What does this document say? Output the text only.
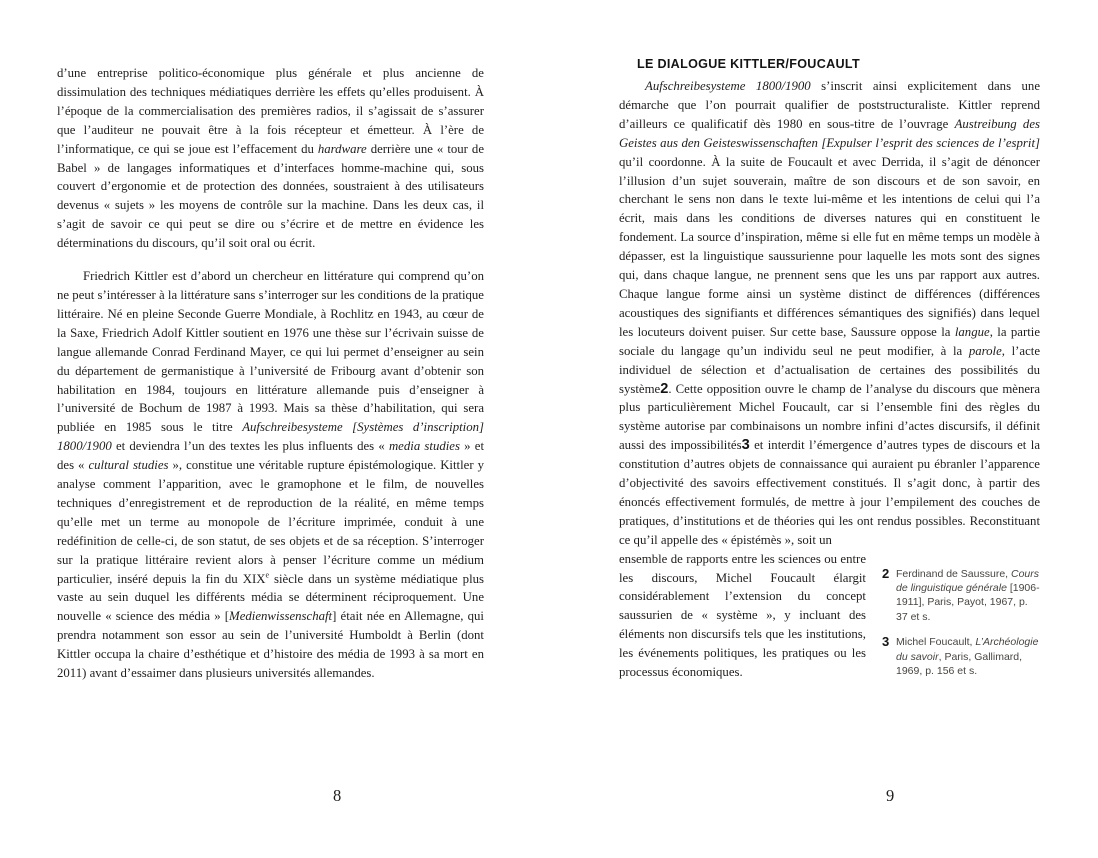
d’une entreprise politico-économique plus générale et plus ancienne de dissimulation des techniques médiatiques derrière les effets qu’elles produisent. À l’époque de la commercialisation des premières radios, il s’agissait de s’assurer que l’auditeur ne pouvait être à la fois récepteur et émetteur. À l’ère de l’informatique, ce qui se joue est l’effacement du hardware derrière une « tour de Babel » de langages informatiques et d’interfaces homme-machine qui, sous couvert d’ergonomie et de protection des données, soustraient à des utilisateurs devenus « sujets » les moyens de contrôle sur la machine. Dans les deux cas, il s’agit de savoir ce qui peut se dire ou s’écrire et de mettre en évidence les déterminations du discours, qu’il soit oral ou écrit.

Friedrich Kittler est d’abord un chercheur en littérature qui comprend qu’on ne peut s’intéresser à la littérature sans s’interroger sur les conditions de la pratique littéraire. Né en pleine Seconde Guerre Mondiale, à Rochlitz en 1943, au cœur de la Saxe, Friedrich Adolf Kittler soutient en 1976 une thèse sur l’écrivain suisse de langue allemande Conrad Ferdinand Mayer, ce qui lui permet d’enseigner au sein du département de germanistique à l’université de Fribourg avant d’obtenir son habilitation en 1984, toujours en littérature allemande puis d’enseigner à l’université de Bochum de 1987 à 1993. Mais sa thèse d’habilitation, qui sera publiée en 1985 sous le titre Aufschreibesysteme [Systèmes d’inscription] 1800/1900 et deviendra l’un des textes les plus influents des « media studies » et des « cultural studies », constitue une véritable rupture épistémologique. Kittler y analyse comment l’apparition, avec le gramophone et le film, de nouvelles techniques d’enregistrement et de reproduction de la réalité, en même temps qu’elle met un terme au monopole de l’écriture imprimée, conduit à une redéfinition de celle-ci, de son statut, de ses objets et de sa réception. S’interroger sur la pratique littéraire revient alors à penser l’écriture comme un médium particulier, inséré depuis la fin du XIXe siècle dans un système médiatique plus vaste au sein duquel les différents média se déterminent réciproquement. Une nouvelle « science des média » [Medienwissenschaft] était née en Allemagne, qui prendra notamment son essor au sein de l’université Humboldt à Berlin (dont Kittler occupa la chaire d’esthétique et d’histoire des média de 1993 à sa mort en 2011) avant d’essaimer dans plusieurs universités allemandes.

8
LE DIALOGUE KITTLER/FOUCAULT

Aufschreibesysteme 1800/1900 s’inscrit ainsi explicitement dans une démarche que l’on pourrait qualifier de poststructuraliste. Kittler reprend d’ailleurs ce qualificatif dès 1980 en sous-titre de l’ouvrage Austreibung des Geistes aus den Geisteswissenschaften [Expulser l’esprit des sciences de l’esprit] qu’il coordonne. À la suite de Foucault et avec Derrida, il s’agit de dénoncer l’illusion d’un sujet souverain, maître de son discours et de son savoir, en cherchant le sens non dans le texte lui-même et les intentions de celui qui l’a écrit, mais dans les conditions de diverses natures qui en constituent le fondement. La source d’inspiration, même si elle fut en même temps un modèle à dépasser, est la linguistique saussurienne pour laquelle les mots sont des signes qui, dans chaque langue, ne prennent sens que les uns par rapport aux autres. Chaque langue forme ainsi un système distinct de différences (différences acoustiques des signifiants et différences sémantiques des signifiés) dans lequel les locuteurs doivent puiser. Sur cette base, Saussure oppose la langue, la partie sociale du langage qu’un individu seul ne peut modifier, à la parole, l’acte individuel de sélection et d’actualisation de certaines des possibilités du système2. Cette opposition ouvre le champ de l’analyse du discours que mènera plus particulièrement Michel Foucault, car si l’ensemble fini des règles du système autorise par combinaisons un nombre infini d’actes discursifs, il définit aussi des impossibilités3 et interdit l’émergence d’autres types de discours et la constitution d’autres objets de connaissance qui auraient pu ébranler l’apparence d’objectivité des savoirs effectivement constitués. Il s’agit donc, à partir des énoncés effectivement formulés, de mettre à jour l’empilement des couches de pratiques, d’institutions et de théories qui les ont rendus possibles. Reconstituant ce qu’il appelle des « épistémès », soit un

ensemble de rapports entre les sciences ou entre les discours, Michel Foucault élargit considérablement l’extension du concept saussurien de « système », y incluant des éléments non discursifs tels que les institutions, les événements politiques, les pratiques ou les processus économiques.

2 Ferdinand de Saussure, Cours de linguistique générale [1906-1911], Paris, Payot, 1967, p. 37 et s.
3 Michel Foucault, L’Archéologie du savoir, Paris, Gallimard, 1969, p. 156 et s.
9
